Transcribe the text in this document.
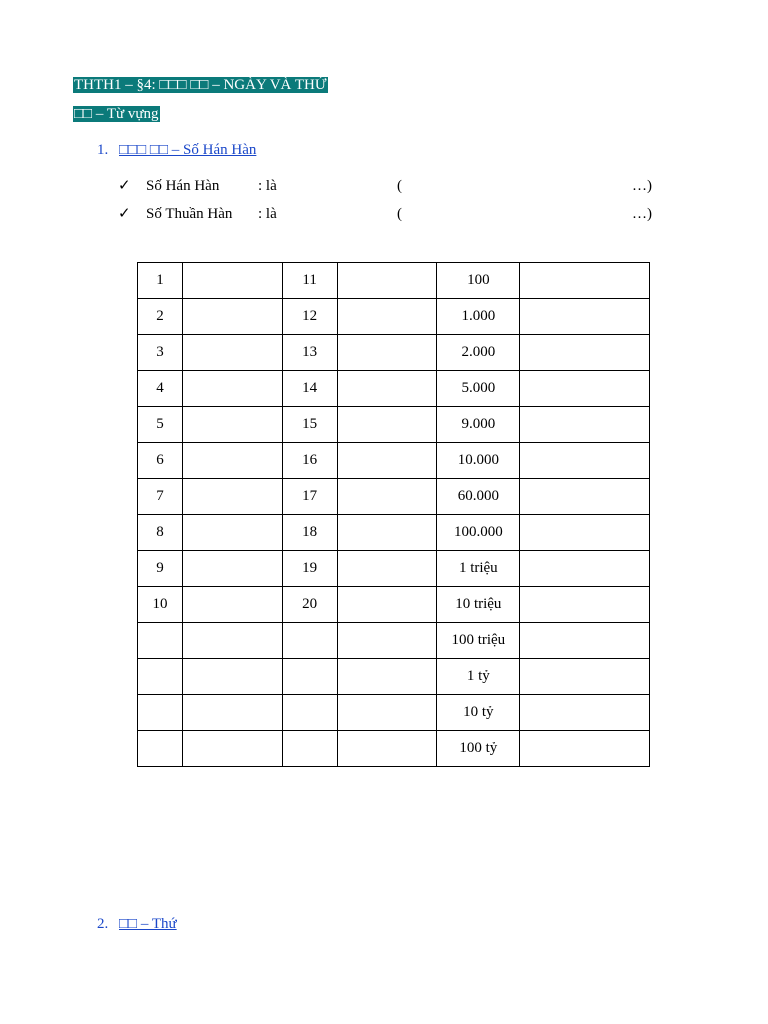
THTH1 – §4: □□□ □□ – NGÀY VÀ THỨ
□□ – Từ vựng
1. □□□ □□ – Số Hán Hàn
✓ Số Hán Hàn	: là	(	…)
✓ Số Thuần Hàn : là	(	…)
1		11		100	
2		12		1.000	
3		13		2.000	
4		14		5.000	
5		15		9.000	
6		16		10.000	
7		17		60.000	
8		18		100.000	
9		19		1 triệu	
10		20		10 triệu	
				100 triệu	
				1 tỷ	
				10 tỷ	
				100 tỷ	
2. □□ – Thứ
